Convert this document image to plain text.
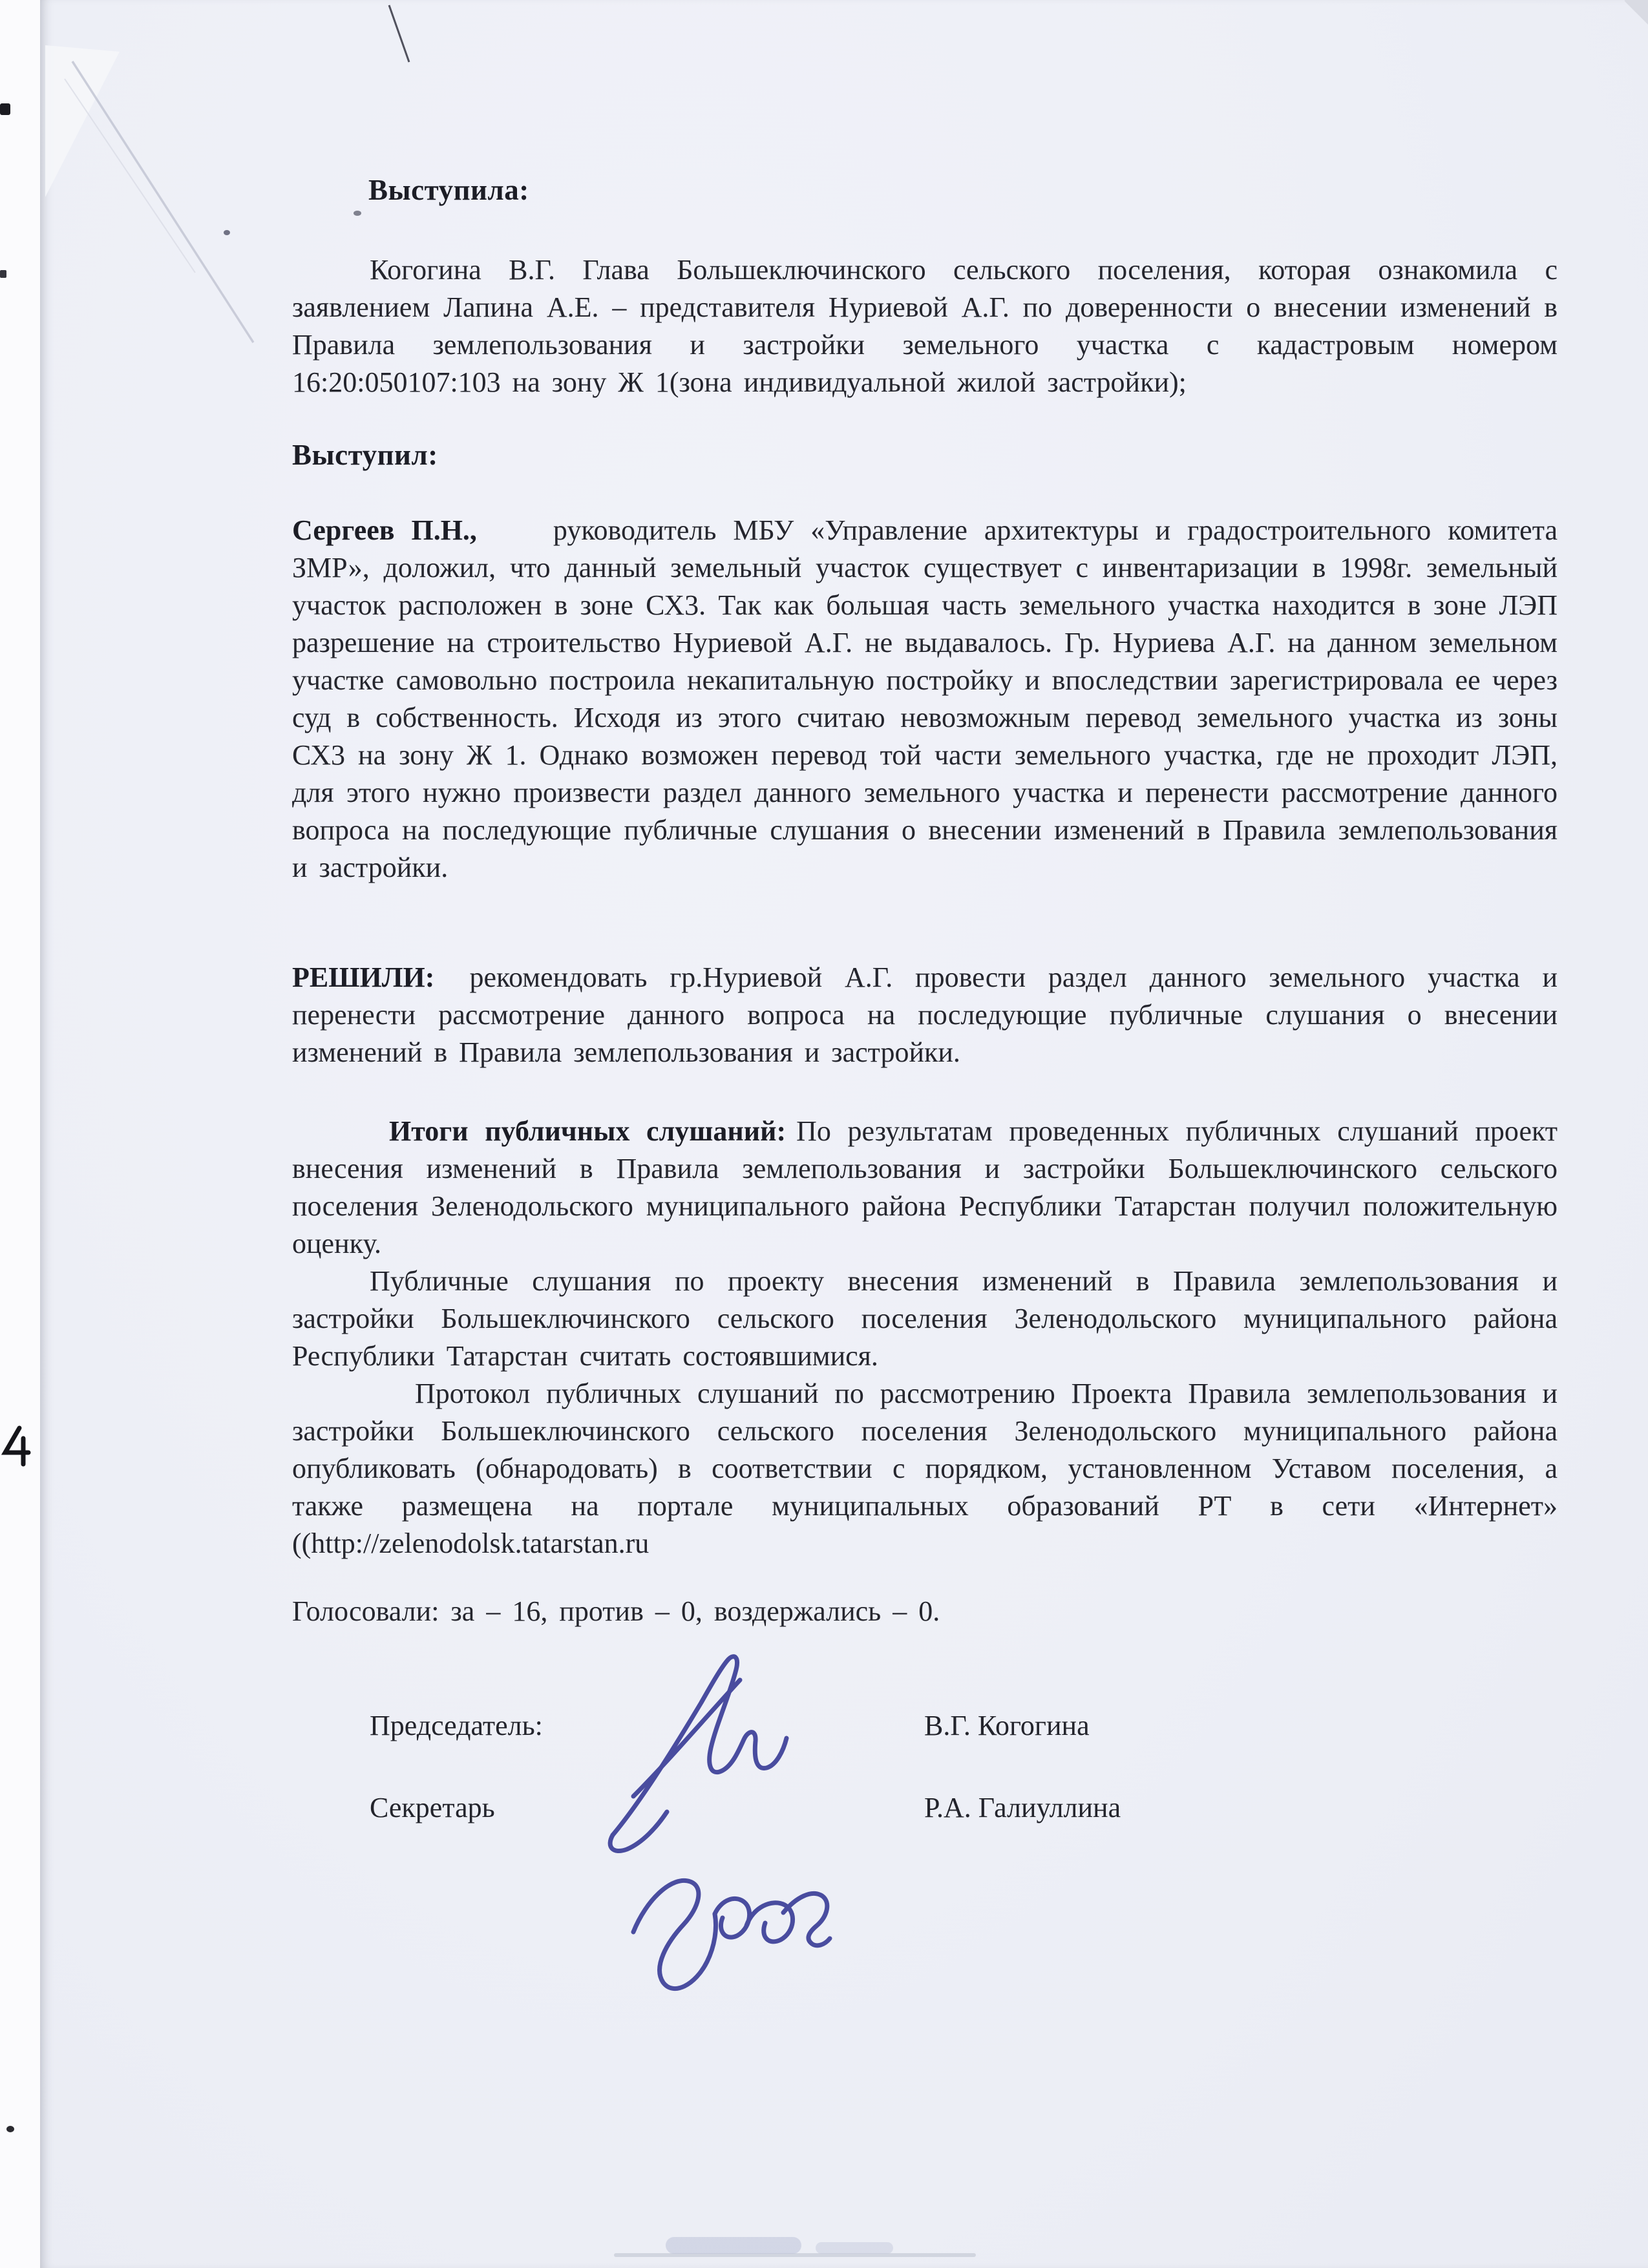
Выступила:

Когогина В.Г. Глава Большеключинского сельского поселения, которая ознакомила с заявлением Лапина А.Е. – представителя Нуриевой А.Г. по доверенности о внесении изменений в Правила землепользования и застройки земельного участка с кадастровым номером 16:20:050107:103 на зону Ж 1(зона индивидуальной жилой застройки);

Выступил:

Сергеев П.Н.,	руководитель МБУ «Управление архитектуры и градостроительного комитета ЗМР», доложил, что данный земельный участок существует с инвентаризации в 1998г. земельный участок расположен в зоне СХ3. Так как большая часть земельного участка находится в зоне ЛЭП разрешение на строительство Нуриевой А.Г. не выдавалось. Гр. Нуриева А.Г. на данном земельном участке самовольно построила некапитальную постройку и впоследствии зарегистрировала ее через суд в собственность. Исходя из этого считаю невозможным перевод земельного участка из зоны СХ3 на зону Ж 1. Однако возможен перевод той части земельного участка, где не проходит ЛЭП, для этого нужно произвести раздел данного земельного участка и перенести рассмотрение данного вопроса на последующие публичные слушания о внесении изменений в Правила землепользования и застройки.

РЕШИЛИ: рекомендовать гр.Нуриевой А.Г. провести раздел данного земельного участка и перенести рассмотрение данного вопроса на последующие публичные слушания о внесении изменений в Правила землепользования и застройки.

Итоги публичных слушаний: По результатам проведенных публичных слушаний проект внесения изменений в Правила землепользования и застройки Большеключинского сельского поселения Зеленодольского муниципального района Республики Татарстан получил положительную оценку.

Публичные слушания по проекту внесения изменений в Правила землепользования и застройки Большеключинского сельского поселения Зеленодольского муниципального района Республики Татарстан считать состоявшимися.

Протокол публичных слушаний по рассмотрению Проекта Правила землепользования и застройки Большеключинского сельского поселения Зеленодольского муниципального района опубликовать (обнародовать) в соответствии с порядком, установленном Уставом поселения, а также размещена на портале муниципальных образований РТ в сети «Интернет» ((http://zelenodolsk.tatarstan.ru

Голосовали: за – 16, против – 0, воздержались – 0.

Председатель:	В.Г. Когогина
Секретарь	Р.А. Галиуллина
